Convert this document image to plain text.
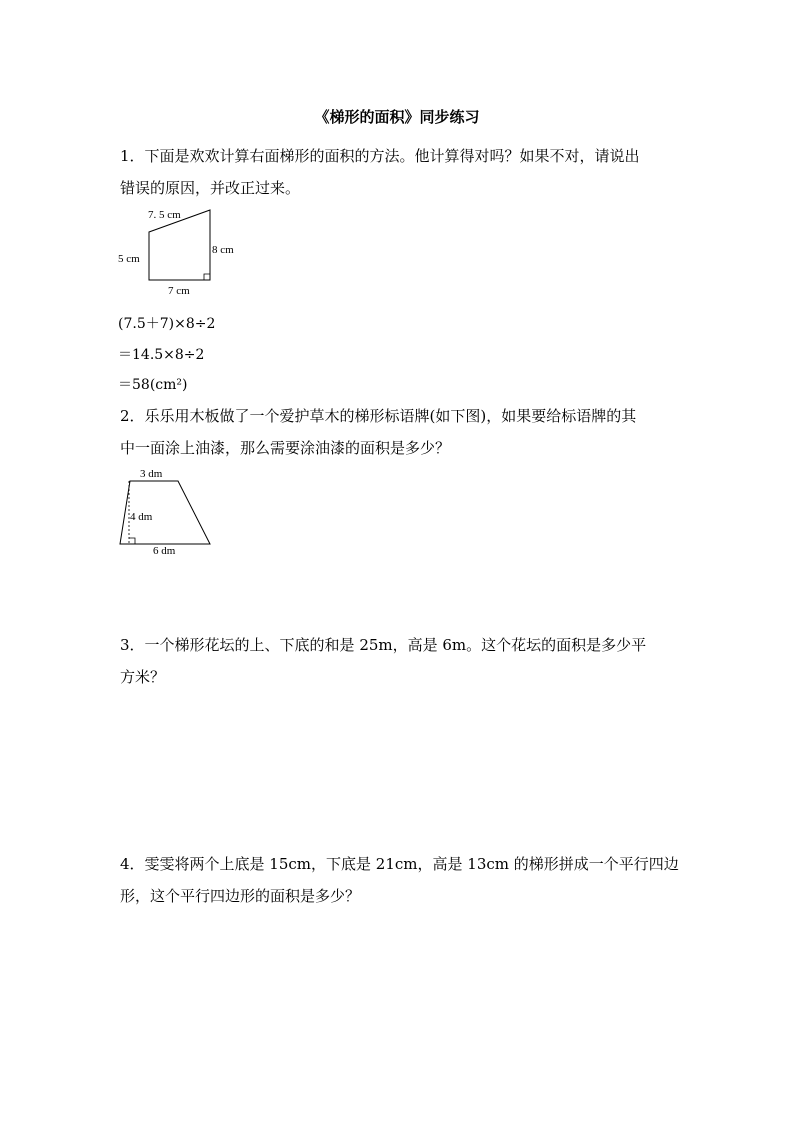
《梯形的面积》同步练习
1．下面是欢欢计算右面梯形的面积的方法。他计算得对吗？如果不对，请说出
错误的原因，并改正过来。
7. 5 cm
5 cm
8 cm
7 cm
(7.5＋7)×8÷2
＝14.5×8÷2
＝58(cm²)
2．乐乐用木板做了一个爱护草木的梯形标语牌(如下图)，如果要给标语牌的其
中一面涂上油漆，那么需要涂油漆的面积是多少？
3 dm
4 dm
6 dm
3．一个梯形花坛的上、下底的和是 25m，高是 6m。这个花坛的面积是多少平
方米？
4．雯雯将两个上底是 15cm，下底是 21cm，高是 13cm 的梯形拼成一个平行四边
形，这个平行四边形的面积是多少？
